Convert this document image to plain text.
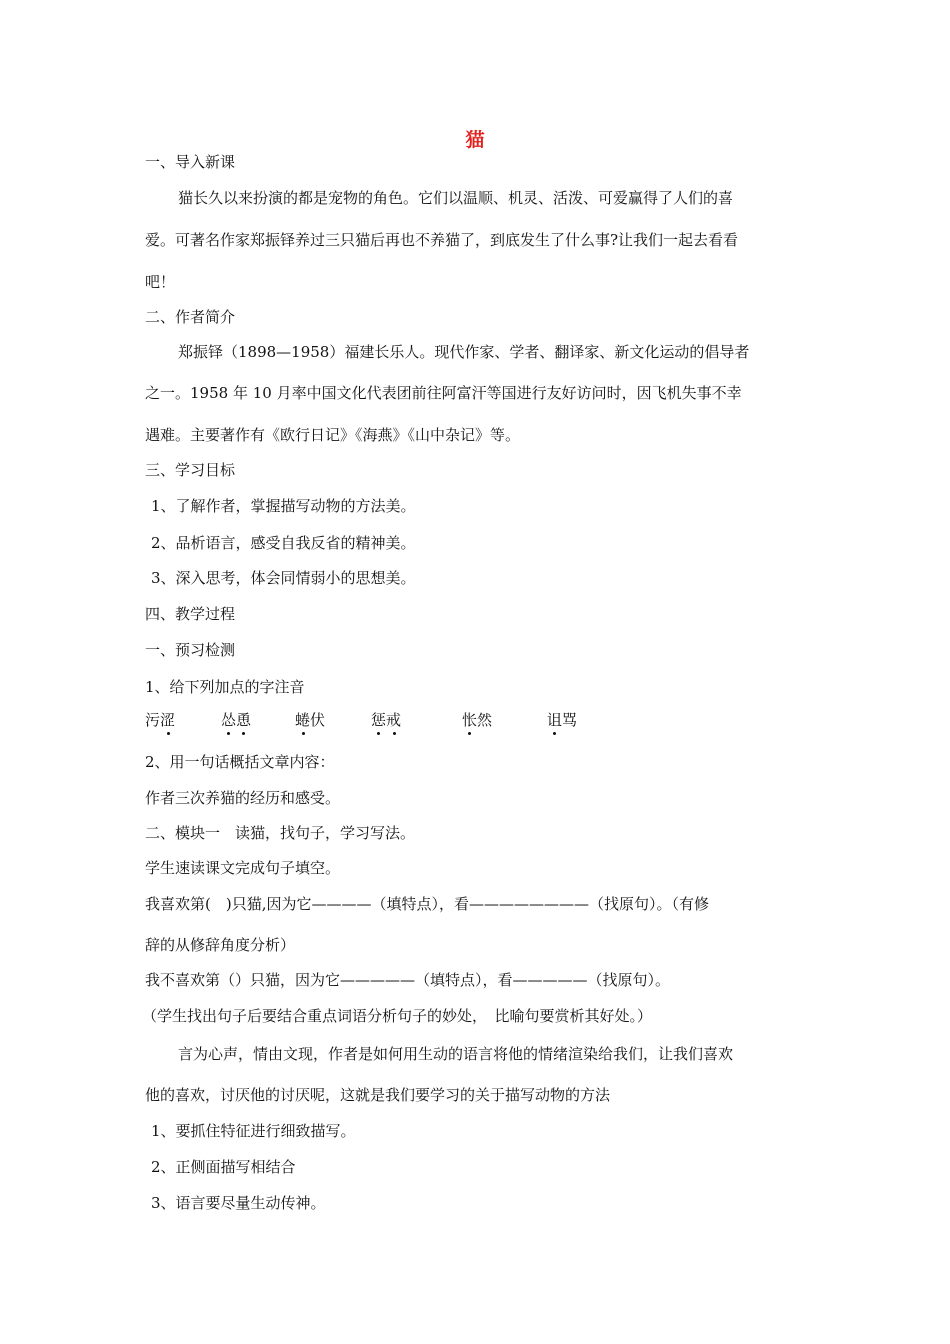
猫
一、导入新课
猫长久以来扮演的都是宠物的角色。它们以温顺、机灵、活泼、可爱赢得了人们的喜
爱。可著名作家郑振铎养过三只猫后再也不养猫了，到底发生了什么事?让我们一起去看看
吧！
二、作者简介
郑振铎（1898—1958）福建长乐人。现代作家、学者、翻译家、新文化运动的倡导者
之一。1958 年 10 月率中国文化代表团前往阿富汗等国进行友好访问时，因飞机失事不幸
遇难。主要著作有《欧行日记》《海燕》《山中杂记》等。
三、学习目标
1、了解作者，掌握描写动物的方法美。
2、品析语言，感受自我反省的精神美。
3、深入思考，体会同情弱小的思想美。
四、教学过程
一、预习检测
1、给下列加点的字注音
污涩	怂恿	蜷伏	惩戒	怅然	诅骂
2、用一句话概括文章内容：
作者三次养猫的经历和感受。
二、模块一　读猫，找句子，学习写法。
学生速读课文完成句子填空。
我喜欢第(　)只猫,因为它————（填特点），看————————（找原句）。（有修
辞的从修辞角度分析）
我不喜欢第（）只猫，因为它—————（填特点），看—————（找原句）。
（学生找出句子后要结合重点词语分析句子的妙处，　比喻句要赏析其好处。）
言为心声，情由文现，作者是如何用生动的语言将他的情绪渲染给我们，让我们喜欢
他的喜欢，讨厌他的讨厌呢，这就是我们要学习的关于描写动物的方法
1、要抓住特征进行细致描写。
2、正侧面描写相结合
3、语言要尽量生动传神。
